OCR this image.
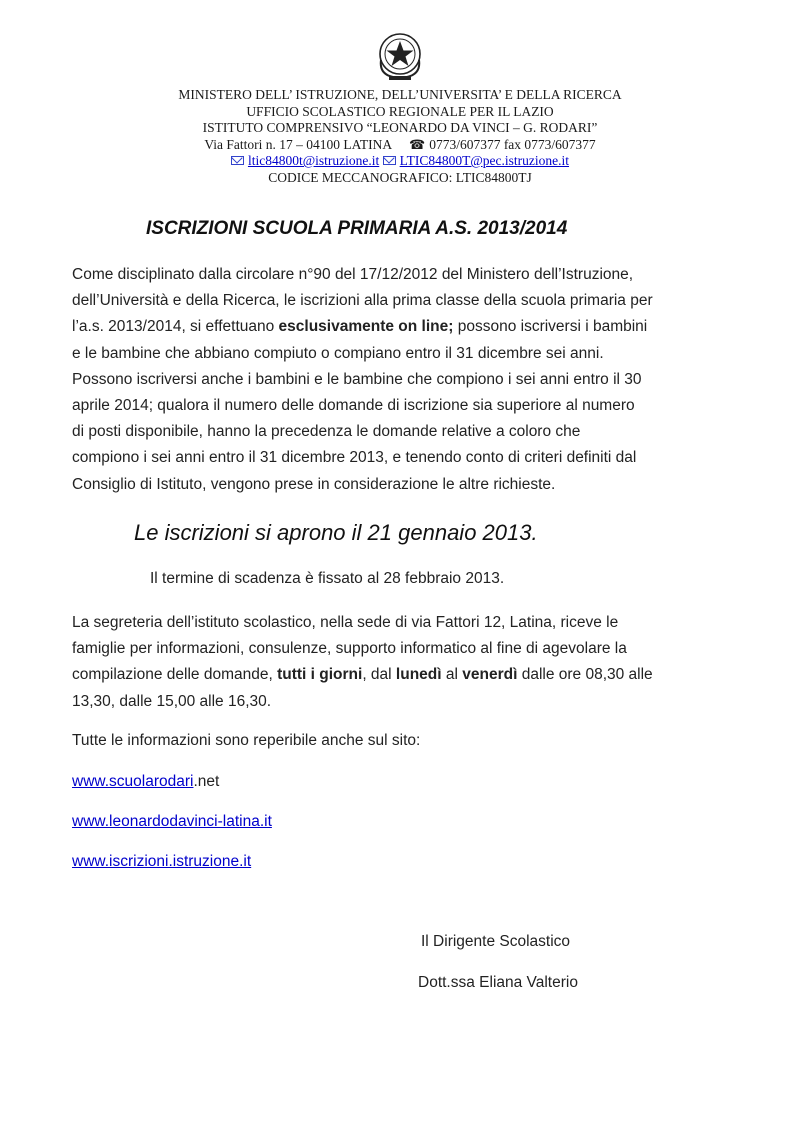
MINISTERO DELL’ ISTRUZIONE, DELL’UNIVERSITA’ E DELLA RICERCA
UFFICIO SCOLASTICO REGIONALE PER IL LAZIO
ISTITUTO COMPRENSIVO “LEONARDO DA VINCI – G. RODARI”
Via Fattori n. 17 – 04100 LATINA ☎ 0773/607377 fax 0773/607377
ltic84800t@istruzione.it LTIC84800T@pec.istruzione.it
CODICE MECCANOGRAFICO: LTIC84800TJ
ISCRIZIONI SCUOLA PRIMARIA A.S. 2013/2014
Come disciplinato dalla circolare n°90 del 17/12/2012 del Ministero dell’Istruzione,
dell’Università e della Ricerca, le iscrizioni alla prima classe della scuola primaria per
l’a.s. 2013/2014, si effettuano esclusivamente on line; possono iscriversi i bambini
e le bambine che abbiano compiuto o compiano entro il 31 dicembre sei anni.
Possono iscriversi anche i bambini e le bambine che compiono i sei anni entro il 30
aprile 2014; qualora il numero delle domande di iscrizione sia superiore al numero
di posti disponibile, hanno la precedenza le domande relative a coloro che
compiono i sei anni entro il 31 dicembre 2013, e tenendo conto di criteri definiti dal
Consiglio di Istituto, vengono prese in considerazione le altre richieste.
Le iscrizioni si aprono il 21 gennaio 2013.
Il termine di scadenza è fissato al 28 febbraio 2013.
La segreteria dell’istituto scolastico, nella sede di via Fattori 12, Latina, riceve le
famiglie per informazioni, consulenze, supporto informatico al fine di agevolare la
compilazione delle domande, tutti i giorni, dal lunedì al venerdì dalle ore 08,30 alle
13,30, dalle 15,00 alle 16,30.
Tutte le informazioni sono reperibile anche sul sito:
www.scuolarodari.net
www.leonardodavinci-latina.it
www.iscrizioni.istruzione.it
Il Dirigente Scolastico
Dott.ssa Eliana Valterio
